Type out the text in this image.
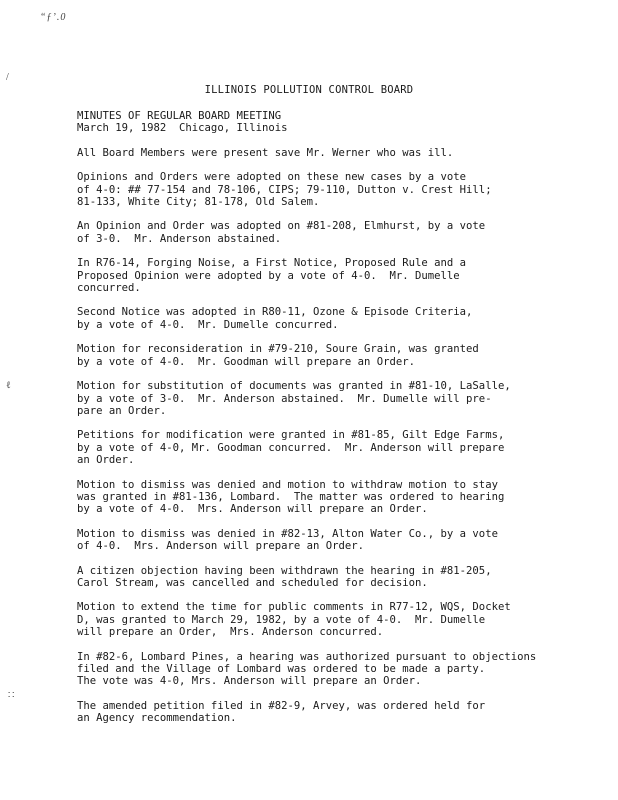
“ƒ’.0
/
ℓ
∷
ILLINOIS POLLUTION CONTROL BOARD
MINUTES OF REGULAR BOARD MEETING
March 19, 1982  Chicago, Illinois
All Board Members were present save Mr. Werner who was ill.
Opinions and Orders were adopted on these new cases by a vote
of 4-0: ## 77-154 and 78-106, CIPS; 79-110, Dutton v. Crest Hill;
81-133, White City; 81-178, Old Salem.
An Opinion and Order was adopted on #81-208, Elmhurst, by a vote
of 3-0.  Mr. Anderson abstained.
In R76-14, Forging Noise, a First Notice, Proposed Rule and a
Proposed Opinion were adopted by a vote of 4-0.  Mr. Dumelle
concurred.
Second Notice was adopted in R80-11, Ozone & Episode Criteria,
by a vote of 4-0.  Mr. Dumelle concurred.
Motion for reconsideration in #79-210, Soure Grain, was granted
by a vote of 4-0.  Mr. Goodman will prepare an Order.
Motion for substitution of documents was granted in #81-10, LaSalle,
by a vote of 3-0.  Mr. Anderson abstained.  Mr. Dumelle will pre-
pare an Order.
Petitions for modification were granted in #81-85, Gilt Edge Farms,
by a vote of 4-0, Mr. Goodman concurred.  Mr. Anderson will prepare
an Order.
Motion to dismiss was denied and motion to withdraw motion to stay
was granted in #81-136, Lombard.  The matter was ordered to hearing
by a vote of 4-0.  Mrs. Anderson will prepare an Order.
Motion to dismiss was denied in #82-13, Alton Water Co., by a vote
of 4-0.  Mrs. Anderson will prepare an Order.
A citizen objection having been withdrawn the hearing in #81-205,
Carol Stream, was cancelled and scheduled for decision.
Motion to extend the time for public comments in R77-12, WQS, Docket
D, was granted to March 29, 1982, by a vote of 4-0.  Mr. Dumelle
will prepare an Order,  Mrs. Anderson concurred.
In #82-6, Lombard Pines, a hearing was authorized pursuant to objections
filed and the Village of Lombard was ordered to be made a party.
The vote was 4-0, Mrs. Anderson will prepare an Order.
The amended petition filed in #82-9, Arvey, was ordered held for
an Agency recommendation.
